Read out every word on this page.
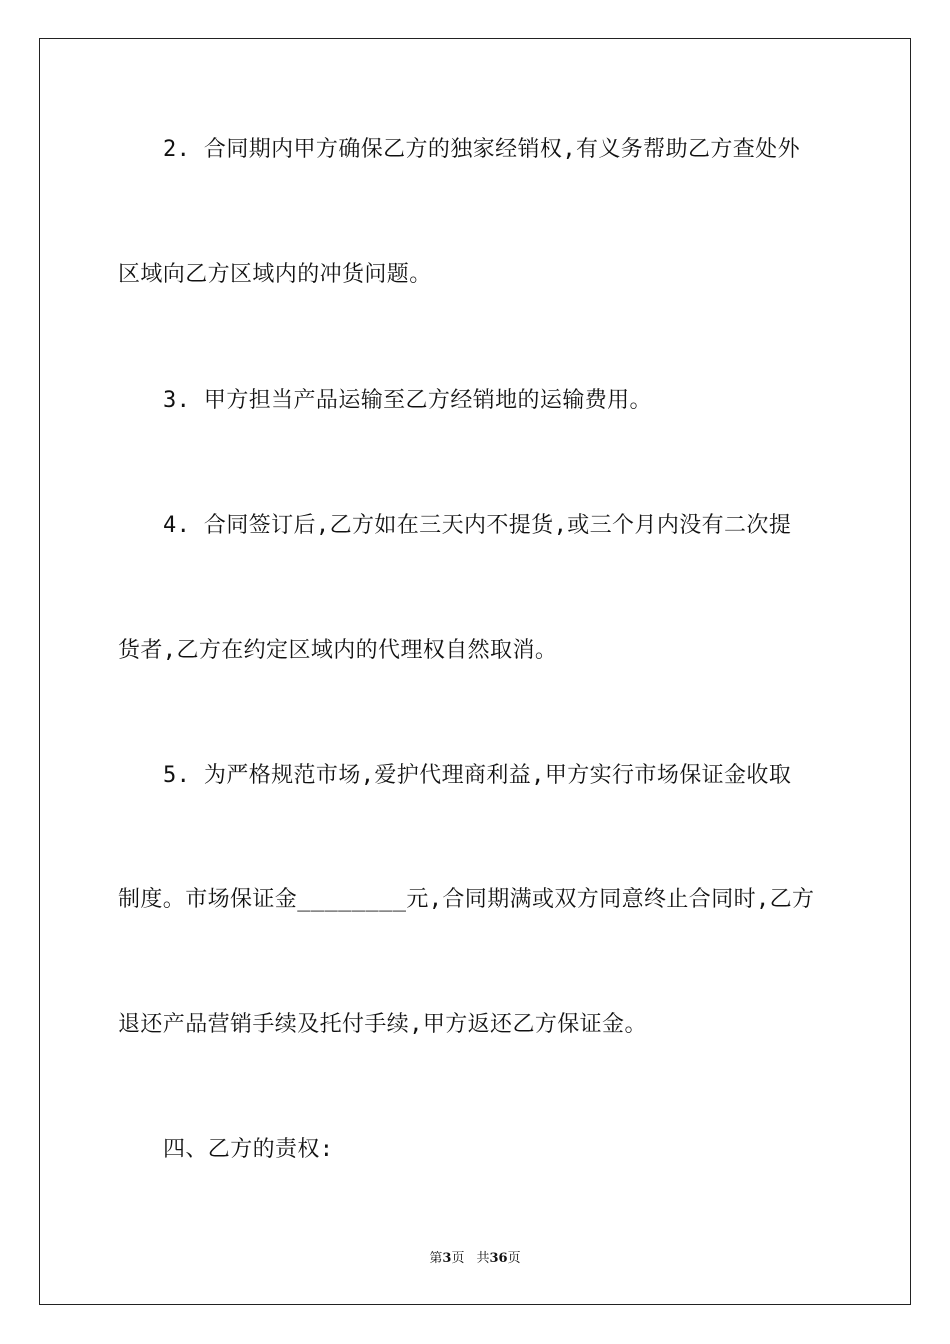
2. 合同期内甲方确保乙方的独家经销权,有义务帮助乙方查处外
区域向乙方区域内的冲货问题。
3. 甲方担当产品运输至乙方经销地的运输费用。
4. 合同签订后,乙方如在三天内不提货,或三个月内没有二次提
货者,乙方在约定区域内的代理权自然取消。
5. 为严格规范市场,爱护代理商利益,甲方实行市场保证金收取
制度。市场保证金________元,合同期满或双方同意终止合同时,乙方
退还产品营销手续及托付手续,甲方返还乙方保证金。
四、乙方的责权:
第3页 共36页
